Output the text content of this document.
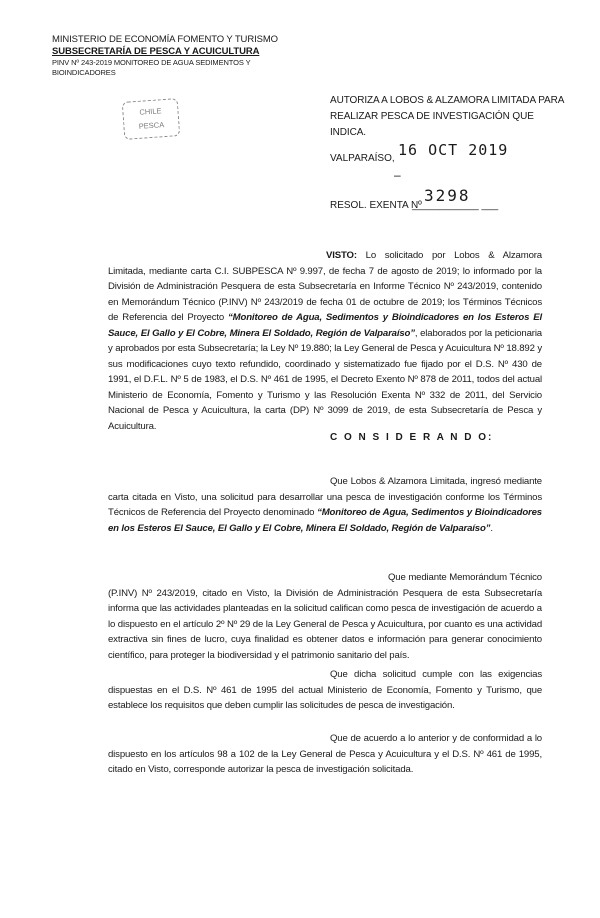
MINISTERIO DE ECONOMÍA FOMENTO Y TURISMO
SUBSECRETARÍA DE PESCA Y ACUICULTURA
PINV Nº 243-2019 MONITOREO DE AGUA SEDIMENTOS Y
BIOINDICADORES
CHILE
PESCA
AUTORIZA A LOBOS & ALZAMORA LIMITADA PARA REALIZAR PESCA DE INVESTIGACIÓN QUE INDICA.
VALPARAÍSO, 16 OCT 2019
–
RESOL. EXENTA Nº
____________ ___
3298
VISTO: Lo solicitado por Lobos & Alzamora Limitada, mediante carta C.I. SUBPESCA Nº 9.997, de fecha 7 de agosto de 2019; lo informado por la División de Administración Pesquera de esta Subsecretaría en Informe Técnico Nº 243/2019, contenido en Memorándum Técnico (P.INV) Nº 243/2019 de fecha 01 de octubre de 2019; los Términos Técnicos de Referencia del Proyecto “Monitoreo de Agua, Sedimentos y Bioindicadores en los Esteros El Sauce, El Gallo y El Cobre, Minera El Soldado, Región de Valparaíso”, elaborados por la peticionaria y aprobados por esta Subsecretaría; la Ley Nº 19.880; la Ley General de Pesca y Acuicultura Nº 18.892 y sus modificaciones cuyo texto refundido, coordinado y sistematizado fue fijado por el D.S. Nº 430 de 1991, el D.F.L. Nº 5 de 1983, el D.S. Nº 461 de 1995, el Decreto Exento Nº 878 de 2011, todos del actual Ministerio de Economía, Fomento y Turismo y las Resolución Exenta Nº 332 de 2011, del Servicio Nacional de Pesca y Acuicultura, la carta (DP) Nº 3099 de 2019, de esta Subsecretaría de Pesca y Acuicultura.
C O N S I D E R A N D O:
Que Lobos & Alzamora Limitada, ingresó mediante carta citada en Visto, una solicitud para desarrollar una pesca de investigación conforme los Términos Técnicos de Referencia del Proyecto denominado “Monitoreo de Agua, Sedimentos y Bioindicadores en los Esteros El Sauce, El Gallo y El Cobre, Minera El Soldado, Región de Valparaíso”.
Que mediante Memorándum Técnico (P.INV) Nº 243/2019, citado en Visto, la División de Administración Pesquera de esta Subsecretaría informa que las actividades planteadas en la solicitud califican como pesca de investigación de acuerdo a lo dispuesto en el artículo 2º Nº 29 de la Ley General de Pesca y Acuicultura, por cuanto es una actividad extractiva sin fines de lucro, cuya finalidad es obtener datos e información para generar conocimiento científico, para proteger la biodiversidad y el patrimonio sanitario del país.
Que dicha solicitud cumple con las exigencias dispuestas en el D.S. Nº 461 de 1995 del actual Ministerio de Economía, Fomento y Turismo, que establece los requisitos que deben cumplir las solicitudes de pesca de investigación.
Que de acuerdo a lo anterior y de conformidad a lo dispuesto en los artículos 98 a 102 de la Ley General de Pesca y Acuicultura y el D.S. Nº 461 de 1995, citado en Visto, corresponde autorizar la pesca de investigación solicitada.
